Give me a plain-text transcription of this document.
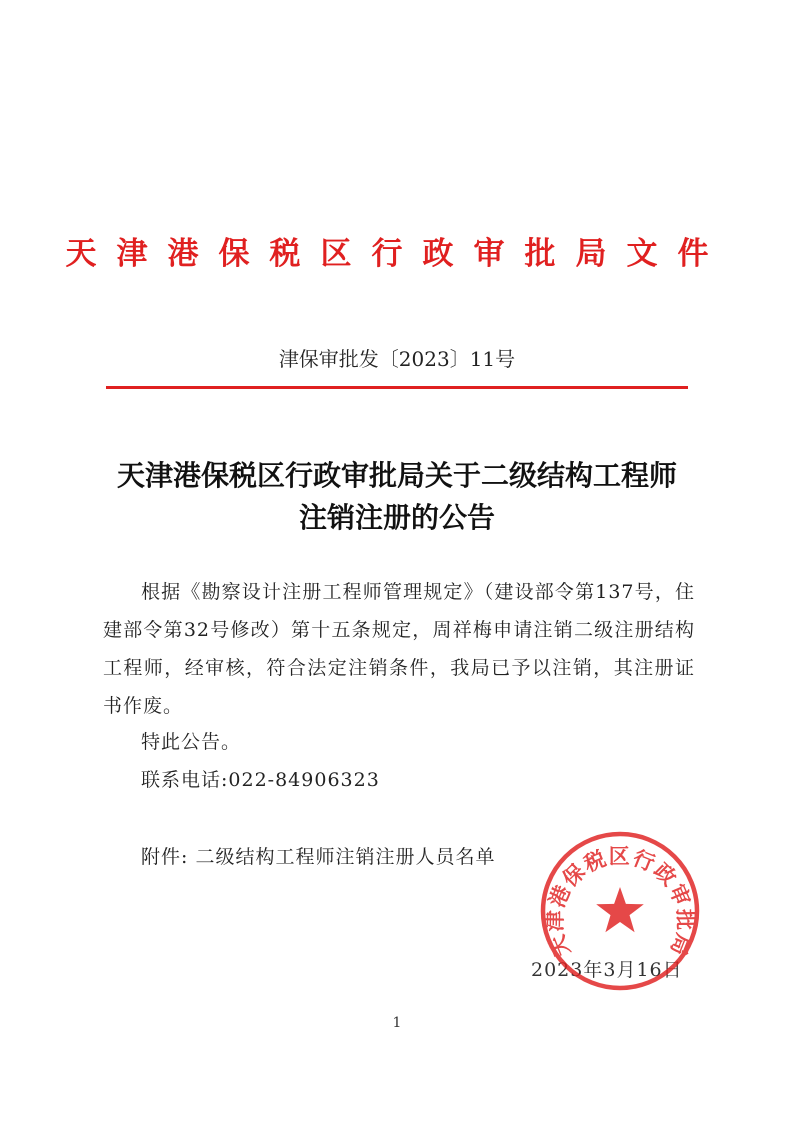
天津港保税区行政审批局文件
津保审批发〔2023〕11号
天津港保税区行政审批局关于二级结构工程师
注销注册的公告
根据《勘察设计注册工程师管理规定》（建设部令第137号，住建部令第32号修改）第十五条规定，周祥梅申请注销二级注册结构工程师，经审核，符合法定注销条件，我局已予以注销，其注册证书作废。
特此公告。
联系电话:022-84906323
附件: 二级结构工程师注销注册人员名单
2023年3月16日
天津港保税区行政审批局
1
